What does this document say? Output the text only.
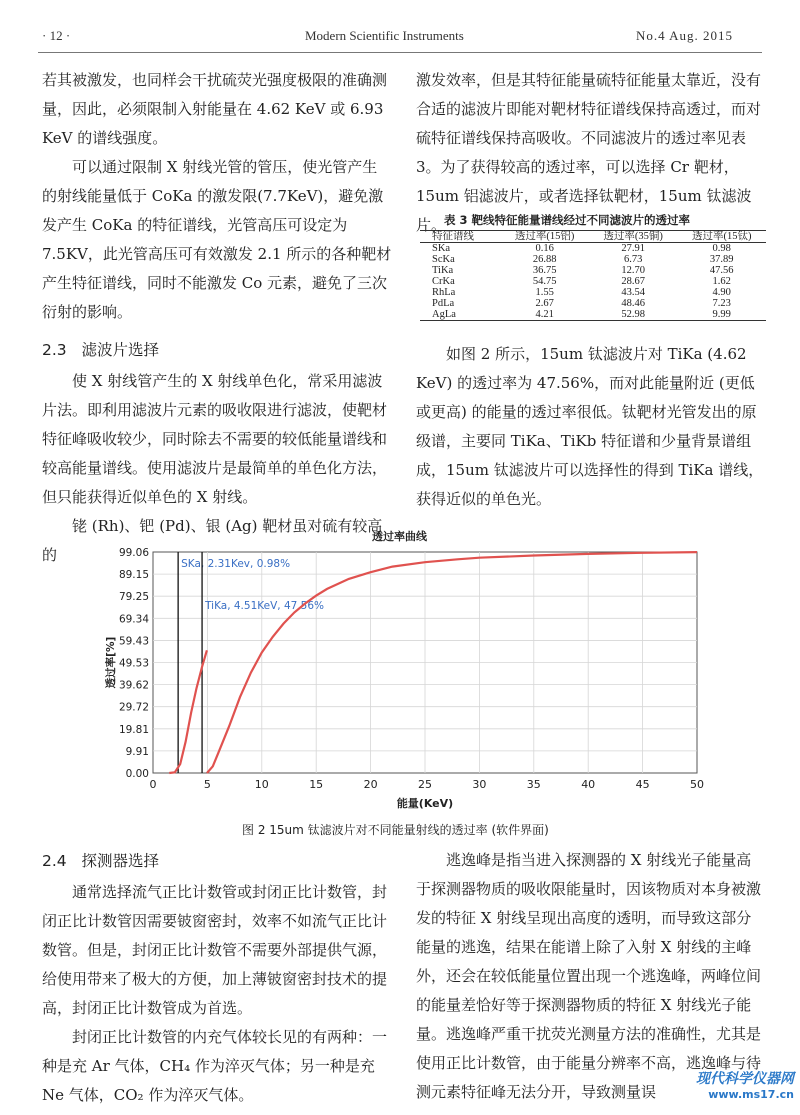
· 12 ·	Modern Scientific Instruments	No.4 Aug. 2015

若其被激发，也同样会干扰硫荧光强度极限的准确测量，因此，必须限制入射能量在 4.62 KeV 或 6.93 KeV 的谱线强度。

可以通过限制 X 射线光管的管压，使光管产生的射线能量低于 CoKa 的激发限(7.7KeV)，避免激发产生 CoKa 的特征谱线，光管高压可设定为 7.5KV，此光管高压可有效激发 2.1 所示的各种靶材产生特征谱线，同时不能激发 Co 元素，避免了三次衍射的影响。

2.3 滤波片选择

使 X 射线管产生的 X 射线单色化，常采用滤波片法。即利用滤波片元素的吸收限进行滤波，使靶材特征峰吸收较少，同时除去不需要的较低能量谱线和较高能量谱线。使用滤波片是最简单的单色化方法，但只能获得近似单色的 X 射线。

铑 (Rh)、钯 (Pd)、银 (Ag) 靶材虽对硫有较高的

激发效率，但是其特征能量硫特征能量太靠近，没有合适的滤波片即能对靶材特征谱线保持高透过，而对硫特征谱线保持高吸收。不同滤波片的透过率见表 3。为了获得较高的透过率，可以选择 Cr 靶材，15um 铝滤波片，或者选择钛靶材，15um 钛滤波片。

表 3 靶线特征能量谱线经过不同滤波片的透过率
特征谱线	透过率(15铝)	透过率(35铜)	透过率(15钛)
SKa	0.16	27.91	0.98
ScKa	26.88	6.73	37.89
TiKa	36.75	12.70	47.56
CrKa	54.75	28.67	1.62
RhLa	1.55	43.54	4.90
PdLa	2.67	48.46	7.23
AgLa	4.21	52.98	9.99

如图 2 所示，15um 钛滤波片对 TiKa (4.62 KeV) 的透过率为 47.56%，而对此能量附近 (更低或更高) 的能量的透过率很低。钛靶材光管发出的原级谱，主要同 TiKa、TiKb 特征谱和少量背景谱组成，15um 钛滤波片可以选择性的得到 TiKa 谱线，获得近似的单色光。

透过率曲线
0.00
9.91
19.81
29.72
39.62
49.53
59.43
69.34
79.25
89.15
99.06
0	5	10	15	20	25	30	35	40	45	50
能量(KeV)
透过率[%]
SKa, 2.31Kev, 0.98%
TiKa, 4.51KeV, 47.56%
图 2 15um 钛滤波片对不同能量射线的透过率 (软件界面)
2.4 探测器选择

通常选择流气正比计数管或封闭正比计数管，封闭正比计数管因需要铍窗密封，效率不如流气正比计数管。但是，封闭正比计数管不需要外部提供气源，给使用带来了极大的方便，加上薄铍窗密封技术的提高，封闭正比计数管成为首选。

封闭正比计数管的内充气体较长见的有两种：一种是充 Ar 气体，CH₄ 作为淬灭气体；另一种是充 Ne 气体，CO₂ 作为淬灭气体。

逃逸峰是指当进入探测器的 X 射线光子能量高于探测器物质的吸收限能量时，因该物质对本身被激发的特征 X 射线呈现出高度的透明，而导致这部分能量的逃逸，结果在能谱上除了入射 X 射线的主峰外，还会在较低能量位置出现一个逃逸峰，两峰位间的能量差恰好等于探测器物质的特征 X 射线光子能量。逃逸峰严重干扰荧光测量方法的准确性，尤其是使用正比计数管，由于能量分辨率不高，逃逸峰与待测元素特征峰无法分开，导致测量误

现代科学仪器网
www.ms17.cn
